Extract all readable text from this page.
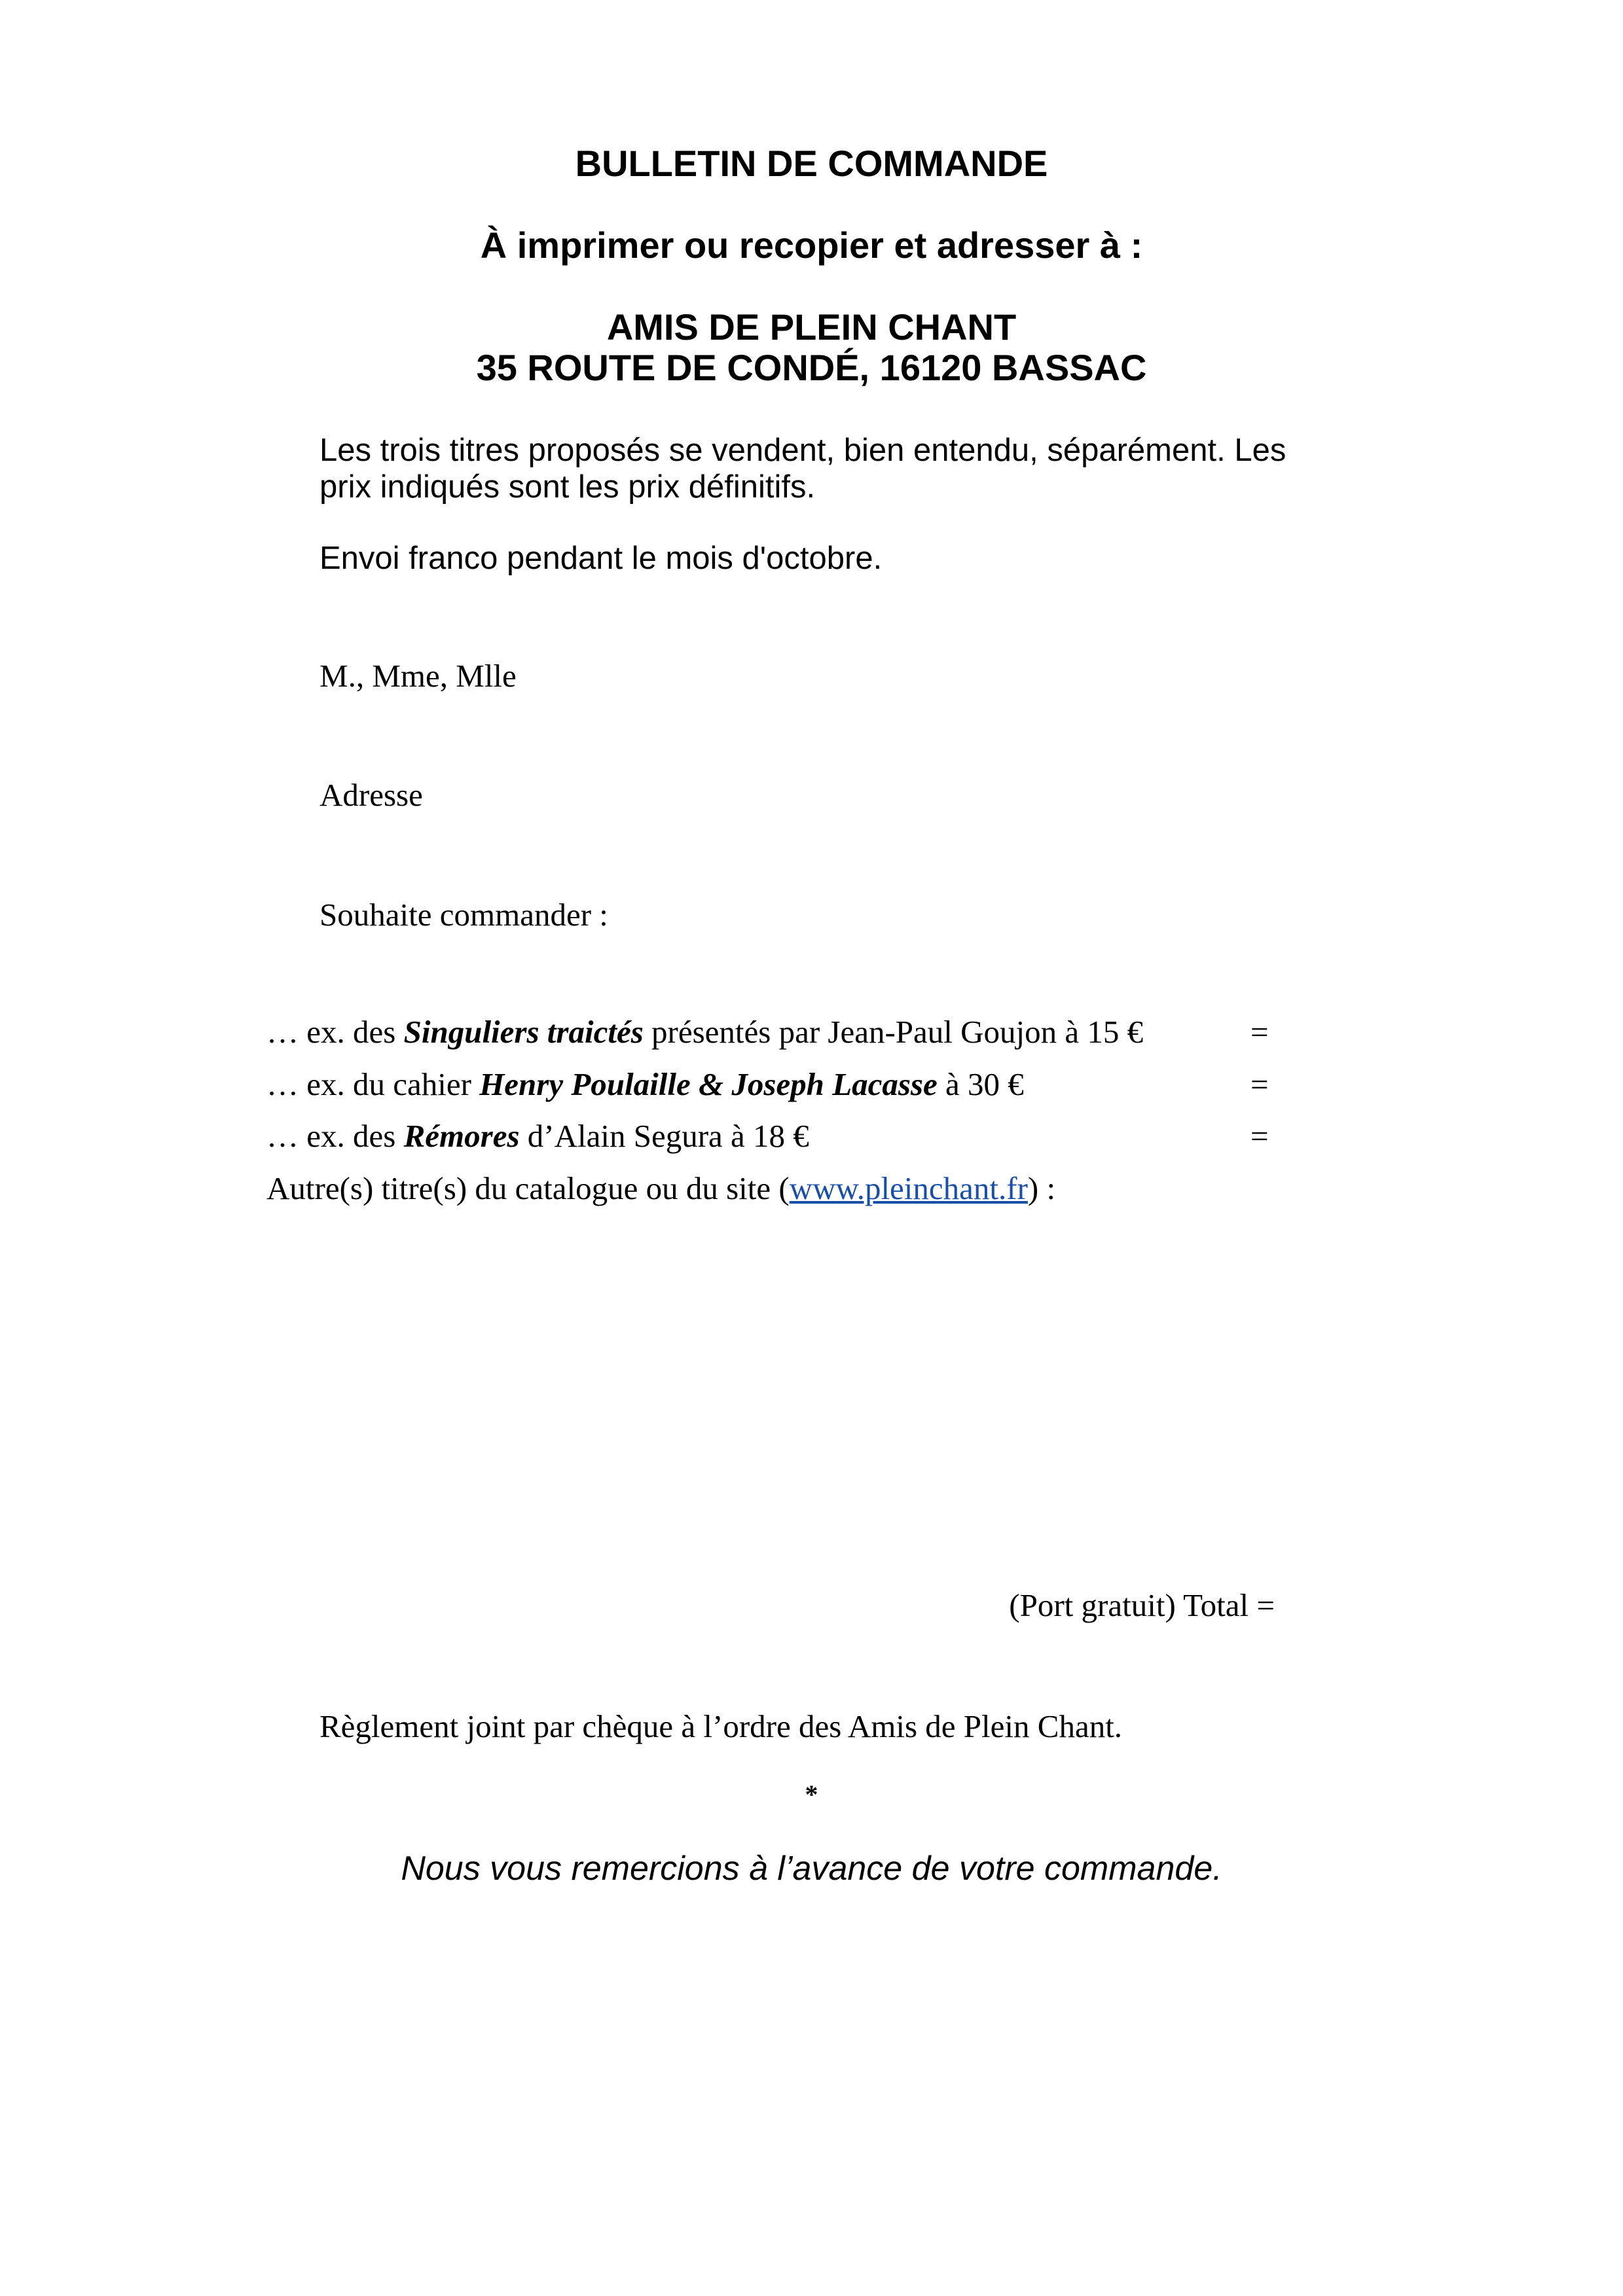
BULLETIN DE COMMANDE
À imprimer ou recopier et adresser à :
AMIS DE PLEIN CHANT
35 ROUTE DE CONDÉ, 16120 BASSAC
Les trois titres proposés se vendent, bien entendu, séparément. Les prix indiqués sont les prix définitifs.
Envoi franco pendant le mois d'octobre.
M., Mme, Mlle
Adresse
Souhaite commander :
… ex. des Singuliers traictés présentés par Jean-Paul Goujon à 15 €	=
… ex. du cahier Henry Poulaille & Joseph Lacasse à 30 €	=
… ex. des Rémores d’Alain Segura à 18 €	=
Autre(s) titre(s) du catalogue ou du site (www.pleinchant.fr) :
(Port gratuit) Total =
Règlement joint par chèque à l’ordre des Amis de Plein Chant.
*
Nous vous remercions à l’avance de votre commande.
